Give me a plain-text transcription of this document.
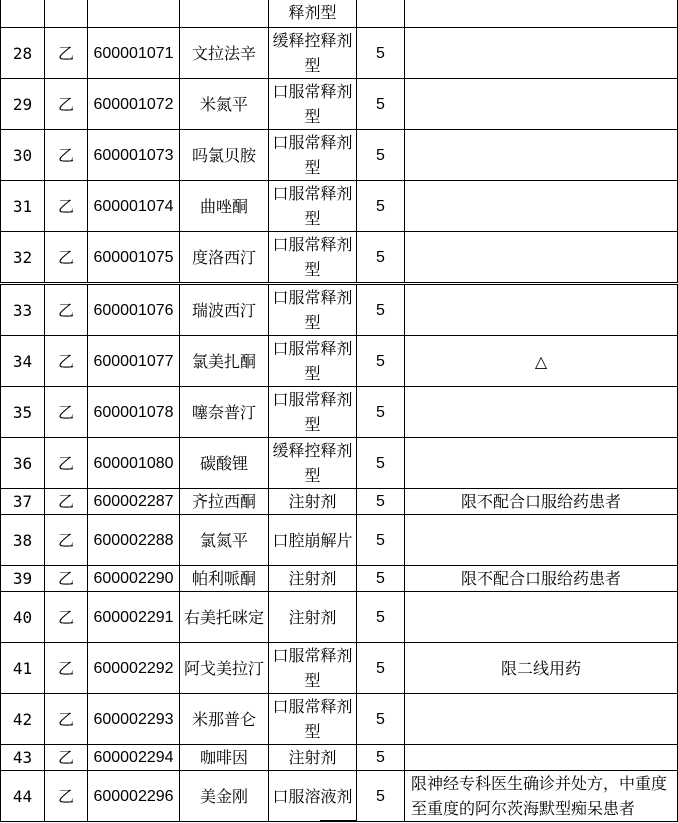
				释剂型		
28	乙	600001071	文拉法辛	缓释控释剂型	5	
29	乙	600001072	米氮平	口服常释剂型	5	
30	乙	600001073	吗氯贝胺	口服常释剂型	5	
31	乙	600001074	曲唑酮	口服常释剂型	5	
32	乙	600001075	度洛西汀	口服常释剂型	5	
33	乙	600001076	瑞波西汀	口服常释剂型	5	
34	乙	600001077	氯美扎酮	口服常释剂型	5	△
35	乙	600001078	噻奈普汀	口服常释剂型	5	
36	乙	600001080	碳酸锂	缓释控释剂型	5	
37	乙	600002287	齐拉西酮	注射剂	5	限不配合口服给药患者
38	乙	600002288	氯氮平	口腔崩解片	5	
39	乙	600002290	帕利哌酮	注射剂	5	限不配合口服给药患者
40	乙	600002291	右美托咪定	注射剂	5	
41	乙	600002292	阿戈美拉汀	口服常释剂型	5	限二线用药
42	乙	600002293	米那普仑	口服常释剂型	5	
43	乙	600002294	咖啡因	注射剂	5	
44	乙	600002296	美金刚	口服溶液剂	5	限神经专科医生确诊并处方，中重度至重度的阿尔茨海默型痴呆患者
